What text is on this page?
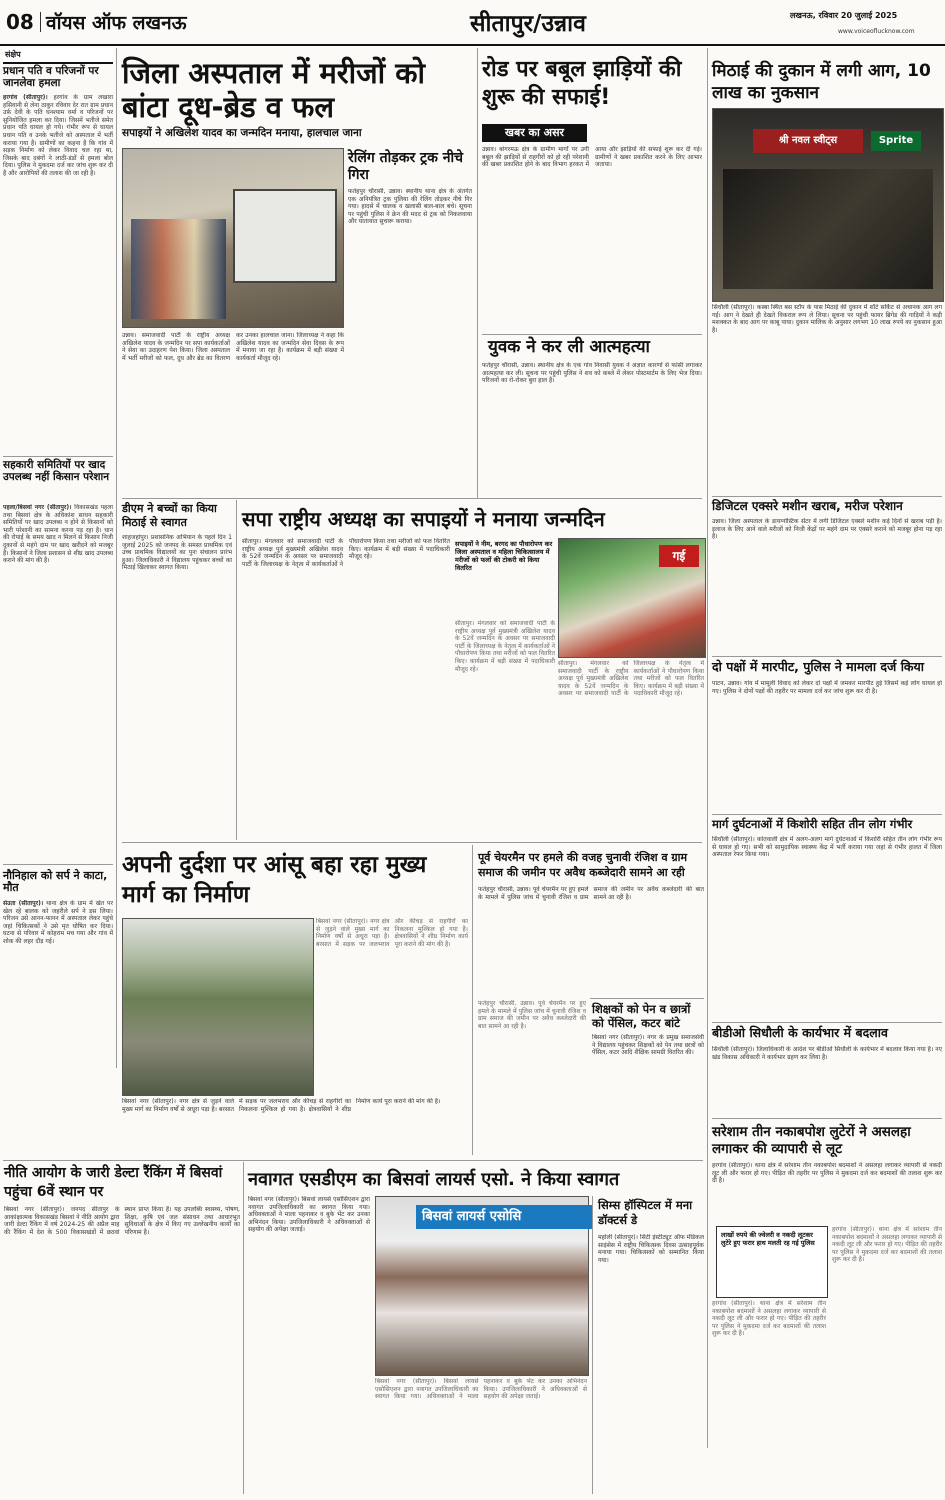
08 वॉयस ऑफ लखनऊ	सीतापुर/उन्नाव	लखनऊ, रविवार 20 जुलाई 2025
www.voiceoflucknow.com
संक्षेप
प्रधान पति व परिजनों पर जानलेवा हमला
हरगांव (सीतापुर)। हरगांव के ग्राम लखारा हसिवानी से लेना ठाकुर रविवार देर रात ग्राम प्रधान उर्फ़ देवी के पति घनश्याम वर्मा व परिजनों पर सुनियोजित हमला कर दिया। जिसमें भतीजे समेत प्रधान पति घायल हो गये। गंभीर रूप से घायल प्रधान पति व उनके भतीजे को अस्पताल में भर्ती कराया गया है। ग्रामीणों का कहना है कि गांव में सड़क निर्माण को लेकर विवाद चल रहा था, जिसके बाद दबंगों ने लाठी-डंडों से हमला बोल दिया। पुलिस ने मुकदमा दर्ज कर जांच शुरू कर दी है और आरोपियों की तलाश की जा रही है।
सहकारी समितियों पर खाद उपलब्ध नहीं किसान परेशान
पहला/बिसवां नगर (सीतापुर)। विकासखंड पहला तथा बिसवां क्षेत्र के अधिकांश साधन सहकारी समितियों पर खाद उपलब्ध न होने से किसानों को भारी परेशानी का सामना करना पड़ रहा है। धान की रोपाई के समय खाद न मिलने से किसान निजी दुकानों से महंगे दाम पर खाद खरीदने को मजबूर हैं। किसानों ने जिला प्रशासन से शीघ्र खाद उपलब्ध कराने की मांग की है।
नौनिहाल को सर्प ने काटा, मौत
सेउता (सीतापुर)। थाना क्षेत्र के ग्राम में खेत पर खेल रहे बालक को जहरीले सर्प ने डस लिया। परिजन उसे आनन-फानन में अस्पताल लेकर पहुंचे जहां चिकित्सकों ने उसे मृत घोषित कर दिया। घटना से परिवार में कोहराम मच गया और गांव में शोक की लहर दौड़ गई।
जिला अस्पताल में मरीजों को बांटा दूध-ब्रेड व फल
सपाइयों ने अखिलेश यादव का जन्मदिन मनाया, हालचाल जाना
रेलिंग तोड़कर ट्रक नीचे गिरा
फतेहपुर चौरासी, उन्नाव। स्थानीय थाना क्षेत्र के अंतर्गत एक अनियंत्रित ट्रक पुलिया की रेलिंग तोड़कर नीचे गिर गया। हादसे में चालक व खलासी बाल-बाल बचे। सूचना पर पहुंची पुलिस ने क्रेन की मदद से ट्रक को निकलवाया और यातायात सुचारू कराया।
उन्नाव। समाजवादी पार्टी के राष्ट्रीय अध्यक्ष अखिलेश यादव के जन्मदिन पर सपा कार्यकर्ताओं ने सेवा का उदाहरण पेश किया। जिला अस्पताल में भर्ती मरीजों को फल, दूध और ब्रेड का वितरण कर उनका हालचाल जाना। जिलाध्यक्ष ने कहा कि अखिलेश यादव का जन्मदिन सेवा दिवस के रूप में मनाया जा रहा है। कार्यक्रम में बड़ी संख्या में कार्यकर्ता मौजूद रहे।
रोड पर बबूल झाड़ियों की शुरू की सफाई!
खबर का असर
उन्नाव। बांगरमऊ क्षेत्र के ग्रामीण मार्गों पर उगी बबूल की झाड़ियों से राहगीरों को हो रही परेशानी की खबर प्रकाशित होने के बाद विभाग हरकत में आया और झाड़ियों की सफाई शुरू कर दी गई। ग्रामीणों ने खबर प्रकाशित करने के लिए आभार जताया।
युवक ने कर ली आत्महत्या
फतेहपुर चौरासी, उन्नाव। स्थानीय क्षेत्र के एक गांव निवासी युवक ने अज्ञात कारणों से फांसी लगाकर आत्महत्या कर ली। सूचना पर पहुंची पुलिस ने शव को कब्जे में लेकर पोस्टमार्टम के लिए भेज दिया। परिजनों का रो-रोकर बुरा हाल है।
मिठाई की दुकान में लगी आग, 10 लाख का नुकसान
श्री नवल स्वीट्स	Sprite
सिधौली (सीतापुर)। कस्बा स्थित बस स्टॉप के पास मिठाई की दुकान में शॉर्ट सर्किट से अचानक आग लग गई। आग ने देखते ही देखते विकराल रूप ले लिया। सूचना पर पहुंची फायर ब्रिगेड की गाड़ियों ने कड़ी मशक्कत के बाद आग पर काबू पाया। दुकान मालिक के अनुसार लगभग 10 लाख रुपये का नुकसान हुआ है।
डिजिटल एक्सरे मशीन खराब, मरीज परेशान
उन्नाव। जिला अस्पताल के डायग्नोस्टिक सेंटर में लगी डिजिटल एक्सरे मशीन कई दिनों से खराब पड़ी है। इलाज के लिए आने वाले मरीजों को निजी केंद्रों पर महंगे दाम पर एक्सरे कराने को मजबूर होना पड़ रहा है।
दो पक्षों में मारपीट, पुलिस ने मामला दर्ज किया
पाटन, उन्नाव। गांव में मामूली विवाद को लेकर दो पक्षों में जमकर मारपीट हुई जिसमें कई लोग घायल हो गए। पुलिस ने दोनों पक्षों की तहरीर पर मामला दर्ज कर जांच शुरू कर दी है।
मार्ग दुर्घटनाओं में किशोरी सहित तीन लोग गंभीर
सिधौली (सीतापुर)। कोतवाली क्षेत्र में अलग-अलग मार्ग दुर्घटनाओं में किशोरी सहित तीन लोग गंभीर रूप से घायल हो गए। सभी को सामुदायिक स्वास्थ्य केंद्र में भर्ती कराया गया जहां से गंभीर हालत में जिला अस्पताल रेफर किया गया।
बीडीओ सिधौली के कार्यभार में बदलाव
सिधौली (सीतापुर)। जिलाधिकारी के आदेश पर बीडीओ सिधौली के कार्यभार में बदलाव किया गया है। नए खंड विकास अधिकारी ने कार्यभार ग्रहण कर लिया है।
सरेशाम तीन नकाबपोश लुटेरों ने असलहा लगाकर की व्यापारी से लूट
हरगांव (सीतापुर)। थाना क्षेत्र में सरेशाम तीन नकाबपोश बदमाशों ने असलहा लगाकर व्यापारी से नकदी लूट ली और फरार हो गए। पीड़ित की तहरीर पर पुलिस ने मुकदमा दर्ज कर बदमाशों की तलाश शुरू कर दी है।
लाखों रुपये की ज्वेलरी व नकदी लूटकर लुटेरे हुए फरार हाथ मलती रह गई पुलिस
हरगांव (सीतापुर)। थाना क्षेत्र में सरेशाम तीन नकाबपोश बदमाशों ने असलहा लगाकर व्यापारी से नकदी लूट ली और फरार हो गए। पीड़ित की तहरीर पर पुलिस ने मुकदमा दर्ज कर बदमाशों की तलाश शुरू कर दी है।
हरगांव (सीतापुर)। थाना क्षेत्र में सरेशाम तीन नकाबपोश बदमाशों ने असलहा लगाकर व्यापारी से नकदी लूट ली और फरार हो गए। पीड़ित की तहरीर पर पुलिस ने मुकदमा दर्ज कर बदमाशों की तलाश शुरू कर दी है।
डीएम ने बच्चों का किया मिठाई से स्वागत
शाहजहांपुर। प्रशासनिक अभियान के पहले दिन 1 जुलाई 2025 को जनपद के समस्त प्राथमिक एवं उच्च प्राथमिक विद्यालयों का पुनः संचालन प्रारंभ हुआ। जिलाधिकारी ने विद्यालय पहुंचकर बच्चों का मिठाई खिलाकर स्वागत किया।
सपा राष्ट्रीय अध्यक्ष का सपाइयों ने मनाया जन्मदिन
सीतापुर। मंगलवार को समाजवादी पार्टी के राष्ट्रीय अध्यक्ष पूर्व मुख्यमंत्री अखिलेश यादव के 52वें जन्मदिन के अवसर पर समाजवादी पार्टी के जिलाध्यक्ष के नेतृत्व में कार्यकर्ताओं ने पौधारोपण किया तथा मरीजों को फल वितरित किए। कार्यक्रम में बड़ी संख्या में पदाधिकारी मौजूद रहे।
सपाइयों ने नीम, बरगद का पौधारोपण कर जिला अस्पताल व महिला चिकित्सालय में मरीजों को फलों की टोकरी को किया वितरित
गई
सीतापुर। मंगलवार को समाजवादी पार्टी के राष्ट्रीय अध्यक्ष पूर्व मुख्यमंत्री अखिलेश यादव के 52वें जन्मदिन के अवसर पर समाजवादी पार्टी के जिलाध्यक्ष के नेतृत्व में कार्यकर्ताओं ने पौधारोपण किया तथा मरीजों को फल वितरित किए। कार्यक्रम में बड़ी संख्या में पदाधिकारी मौजूद रहे।
सीतापुर। मंगलवार को समाजवादी पार्टी के राष्ट्रीय अध्यक्ष पूर्व मुख्यमंत्री अखिलेश यादव के 52वें जन्मदिन के अवसर पर समाजवादी पार्टी के जिलाध्यक्ष के नेतृत्व में कार्यकर्ताओं ने पौधारोपण किया तथा मरीजों को फल वितरित किए। कार्यक्रम में बड़ी संख्या में पदाधिकारी मौजूद रहे।
अपनी दुर्दशा पर आंसू बहा रहा मुख्य मार्ग का निर्माण
बिसवां नगर (सीतापुर)। नगर क्षेत्र से जुड़ने वाले मुख्य मार्ग का निर्माण वर्षों से अधूरा पड़ा है। बरसात में सड़क पर जलभराव और कीचड़ से राहगीरों का निकलना मुश्किल हो गया है। क्षेत्रवासियों ने शीघ्र निर्माण कार्य पूरा कराने की मांग की है।
बिसवां नगर (सीतापुर)। नगर क्षेत्र से जुड़ने वाले मुख्य मार्ग का निर्माण वर्षों से अधूरा पड़ा है। बरसात में सड़क पर जलभराव और कीचड़ से राहगीरों का निकलना मुश्किल हो गया है। क्षेत्रवासियों ने शीघ्र निर्माण कार्य पूरा कराने की मांग की है।
पूर्व चेयरमैन पर हमले की वजह चुनावी रंजिश व ग्राम समाज की जमीन पर अवैध कब्जेदारी सामने आ रही
फतेहपुर चौरासी, उन्नाव। पूर्व चेयरमैन पर हुए हमले के मामले में पुलिस जांच में चुनावी रंजिश व ग्राम समाज की जमीन पर अवैध कब्जेदारी की बात सामने आ रही है।
शिक्षकों को पेन व छात्रों को पेंसिल, कटर बांटे
बिसवां नगर (सीतापुर)। नगर के प्रमुख समाजसेवी ने विद्यालय पहुंचकर शिक्षकों को पेन तथा छात्रों को पेंसिल, कटर आदि शैक्षिक सामग्री वितरित की।
फतेहपुर चौरासी, उन्नाव। पूर्व चेयरमैन पर हुए हमले के मामले में पुलिस जांच में चुनावी रंजिश व ग्राम समाज की जमीन पर अवैध कब्जेदारी की बात सामने आ रही है।
नीति आयोग के जारी डेल्टा रैंकिंग में बिसवां पहुंचा 6वें स्थान पर
बिसवां नगर (सीतापुर)। जनपद सीतापुर के आकांक्षात्मक विकासखंड बिसवां ने नीति आयोग द्वारा जारी डेल्टा रैंकिंग में वर्ष 2024-25 की अप्रैल माह की रैंकिंग में देश के 500 विकासखंडों में छठवां स्थान प्राप्त किया है। यह उपलब्धि स्वास्थ्य, पोषण, शिक्षा, कृषि एवं जल संसाधन तथा आधारभूत सुविधाओं के क्षेत्र में किए गए उल्लेखनीय कार्यों का परिणाम है।
नवागत एसडीएम का बिसवां लायर्स एसो. ने किया स्वागत
बिसवां नगर (सीतापुर)। बिसवां लायर्स एसोसिएशन द्वारा नवागत उपजिलाधिकारी का स्वागत किया गया। अधिवक्ताओं ने माला पहनाकर व बुके भेंट कर उनका अभिनंदन किया। उपजिलाधिकारी ने अधिवक्ताओं से सहयोग की अपेक्षा जताई।
बिसवां लायर्स एसोसि
बिसवां नगर (सीतापुर)। बिसवां लायर्स एसोसिएशन द्वारा नवागत उपजिलाधिकारी का स्वागत किया गया। अधिवक्ताओं ने माला पहनाकर व बुके भेंट कर उनका अभिनंदन किया। उपजिलाधिकारी ने अधिवक्ताओं से सहयोग की अपेक्षा जताई।
सिम्स हॉस्पिटल में मना डॉक्टर्स डे
महोली (सीतापुर)। सिटी इंस्टीट्यूट ऑफ मेडिकल साइंसेस में राष्ट्रीय चिकित्सक दिवस उत्साहपूर्वक मनाया गया। चिकित्सकों को सम्मानित किया गया।
